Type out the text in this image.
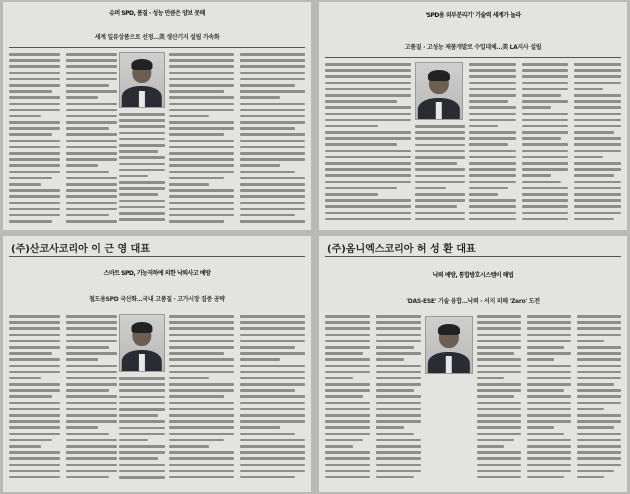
슈퍼 SPD, 품질 · 성능 만큼은 양보 못해
세계 일류상품으로 선정…美 생산기지 설립 가속화
'SPD용 외부분리기' 기술력 세계가 놀라
고품질 · 고성능 제품개발로 수입대체…美 LA지사 설립
(주)산코사코리아 이 근 영 대표
스마트 SPD, 기능저하에 의한 낙뢰사고 예방
철도용SPD 국산화…국내 고품질 · 고가시장 집중 공략
(주)옴니엑스코리아 허 성 환 대표
낙뢰 예방, 통합방호시스템이 해법
'DAS-ESE' 기술 융합…낙뢰 · 서지 피해 'Zero' 도전
